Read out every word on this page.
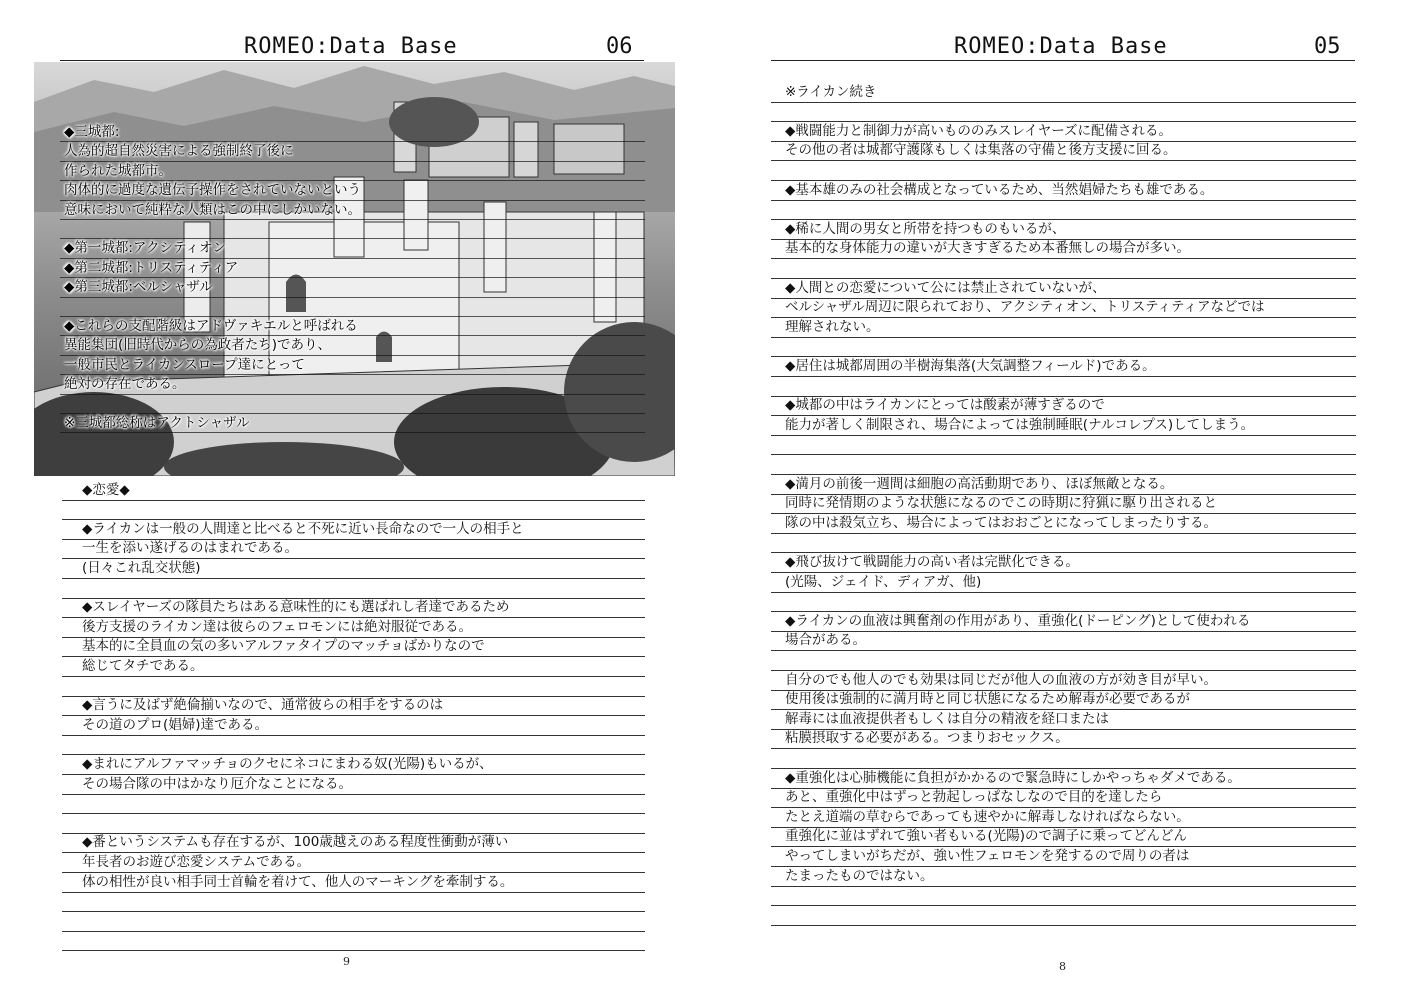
ROMEO:Data Base	06
◆三城都:
人為的超自然災害による強制終了後に
作られた城都市。
肉体的に過度な遺伝子操作をされていないという
意味において純粋な人類はこの中にしかいない。
◆第一城都:アクシティオン
◆第二城都:トリスティティア
◆第三城都:ベルシャザル
◆これらの支配階級はアドヴァキエルと呼ばれる
異能集団(旧時代からの為政者たち)であり、
一般市民とライカンスロープ達にとって
絶対の存在である。
※三城都総称はアクトシャザル
◆恋愛◆
◆ライカンは一般の人間達と比べると不死に近い長命なので一人の相手と
一生を添い遂げるのはまれである。
(日々これ乱交状態)
◆スレイヤーズの隊員たちはある意味性的にも選ばれし者達であるため
後方支援のライカン達は彼らのフェロモンには絶対服従である。
基本的に全員血の気の多いアルファタイプのマッチョばかりなので
総じてタチである。
◆言うに及ばず絶倫揃いなので、通常彼らの相手をするのは
その道のプロ(娼婦)達である。
◆まれにアルファマッチョのクセにネコにまわる奴(光陽)もいるが、
その場合隊の中はかなり厄介なことになる。
◆番というシステムも存在するが、100歳越えのある程度性衝動が薄い
年長者のお遊び恋愛システムである。
体の相性が良い相手同士首輪を着けて、他人のマーキングを牽制する。
9
ROMEO:Data Base	05
※ライカン続き
◆戦闘能力と制御力が高いもののみスレイヤーズに配備される。
その他の者は城都守護隊もしくは集落の守備と後方支援に回る。
◆基本雄のみの社会構成となっているため、当然娼婦たちも雄である。
◆稀に人間の男女と所帯を持つものもいるが、
基本的な身体能力の違いが大きすぎるため本番無しの場合が多い。
◆人間との恋愛について公には禁止されていないが、
ベルシャザル周辺に限られており、アクシティオン、トリスティティアなどでは
理解されない。
◆居住は城都周囲の半樹海集落(大気調整フィールド)である。
◆城都の中はライカンにとっては酸素が薄すぎるので
能力が著しく制限され、場合によっては強制睡眠(ナルコレプス)してしまう。
◆満月の前後一週間は細胞の高活動期であり、ほぼ無敵となる。
同時に発情期のような状態になるのでこの時期に狩猟に駆り出されると
隊の中は殺気立ち、場合によってはおおごとになってしまったりする。
◆飛び抜けて戦闘能力の高い者は完獣化できる。
(光陽、ジェイド、ディアガ、他)
◆ライカンの血液は興奮剤の作用があり、重強化(ドーピング)として使われる
場合がある。
自分のでも他人のでも効果は同じだが他人の血液の方が効き目が早い。
使用後は強制的に満月時と同じ状態になるため解毒が必要であるが
解毒には血液提供者もしくは自分の精液を経口または
粘膜摂取する必要がある。つまりおセックス。
◆重強化は心肺機能に負担がかかるので緊急時にしかやっちゃダメである。
あと、重強化中はずっと勃起しっぱなしなので目的を達したら
たとえ道端の草むらであっても速やかに解毒しなければならない。
重強化に並はずれて強い者もいる(光陽)ので調子に乗ってどんどん
やってしまいがちだが、強い性フェロモンを発するので周りの者は
たまったものではない。
8
